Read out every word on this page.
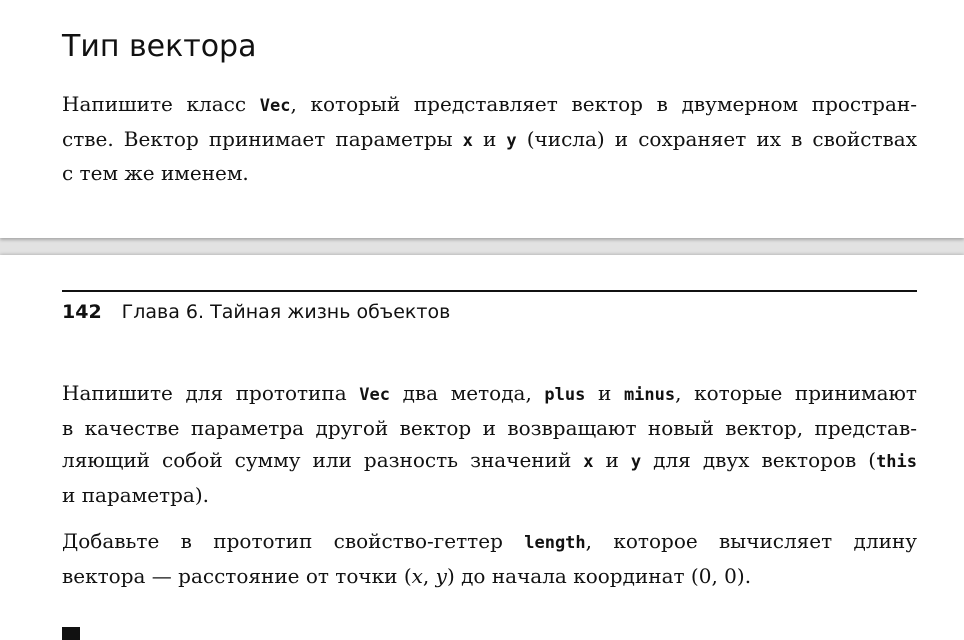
Тип вектора

Напишите класс Vec, который представляет вектор в двумерном простран-
стве. Вектор принимает параметры x и y (числа) и сохраняет их в свойствах
с тем же именем.

142 Глава 6. Тайная жизнь объектов

Напишите для прототипа Vec два метода, plus и minus, которые принимают
в качестве параметра другой вектор и возвращают новый вектор, представ-
ляющий собой сумму или разность значений x и y для двух векторов (this
и параметра).

Добавьте в прототип свойство-геттер length, которое вычисляет длину
вектора — расстояние от точки (x, y) до начала координат (0, 0).
